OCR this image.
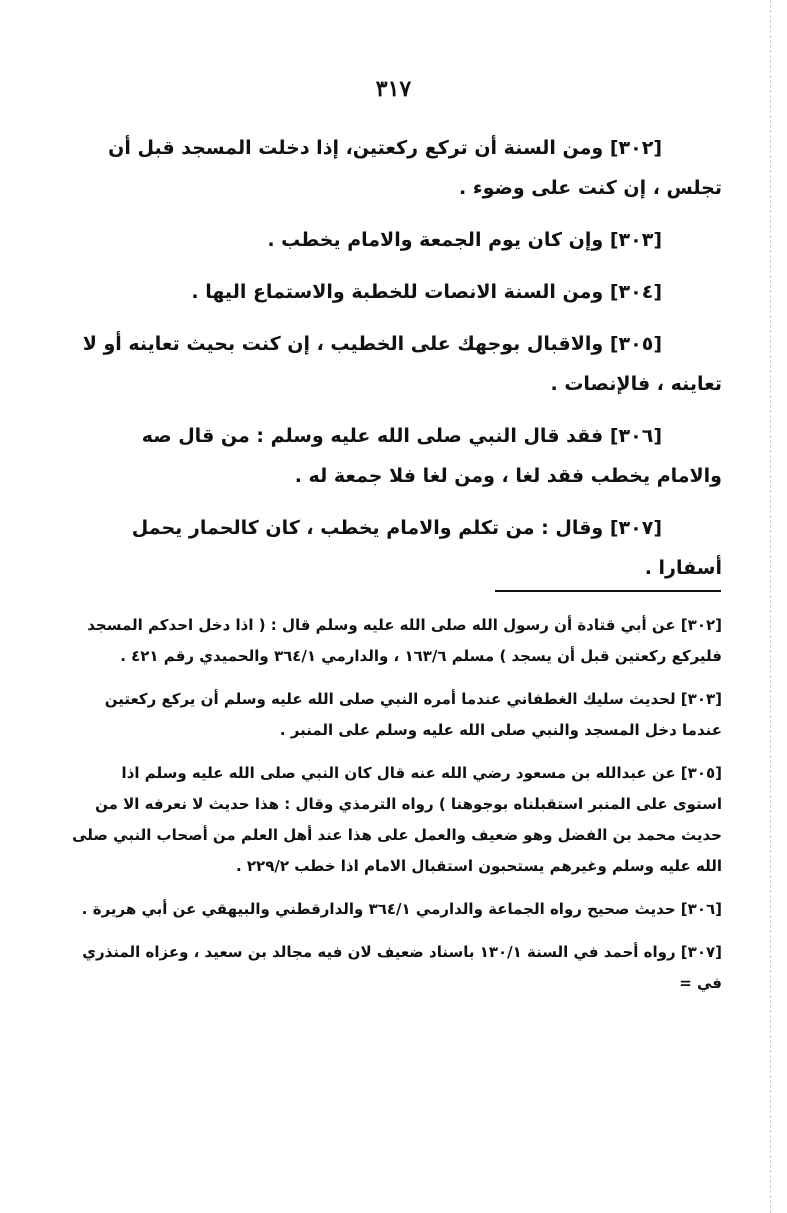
٣١٧

[٣٠٢] ومن السنة أن تركع ركعتين، إذا دخلت المسجد قبل أن تجلس ، إن كنت على وضوء .

[٣٠٣] وإن كان يوم الجمعة والامام يخطب .

[٣٠٤] ومن السنة الانصات للخطبة والاستماع اليها .

[٣٠٥] والاقبال بوجهك على الخطيب ، إن كنت بحيث تعاينه أو لا تعاينه ، فالإنصات .

[٣٠٦] فقد قال النبي صلى الله عليه وسلم : من قال صه والامام يخطب فقد لغا ، ومن لغا فلا جمعة له .

[٣٠٧] وقال : من تكلم والامام يخطب ، كان كالحمار يحمل أسفارا .

[٣٠٢] عن أبي قتادة أن رسول الله صلى الله عليه وسلم قال : ( اذا دخل احدكم المسجد فليركع ركعتين قبل أن يسجد ) مسلم ١٦٣/٦ ، والدارمي ٣٦٤/١ والحميدي رقم ٤٢١ .

[٣٠٣] لحديث سليك الغطفاني عندما أمره النبي صلى الله عليه وسلم أن يركع ركعتين عندما دخل المسجد والنبي صلى الله عليه وسلم على المنبر .

[٣٠٥] عن عبدالله بن مسعود رضي الله عنه قال كان النبي صلى الله عليه وسلم اذا استوى على المنبر استقبلناه بوجوهنا ) رواه الترمذي وقال : هذا حديث لا نعرفه الا من حديث محمد بن الفضل وهو ضعيف والعمل على هذا عند أهل العلم من أصحاب النبي صلى الله عليه وسلم وغيرهم يستحبون استقبال الامام اذا خطب ٢٢٩/٢ .

[٣٠٦] حديث صحيح رواه الجماعة والدارمي ٣٦٤/١ والدارقطني والبيهقي عن أبي هريرة .

[٣٠٧] رواه أحمد في السنة ١٣٠/١ باسناد ضعيف لان فيه مجالد بن سعيد ، وعزاه المنذري في =
